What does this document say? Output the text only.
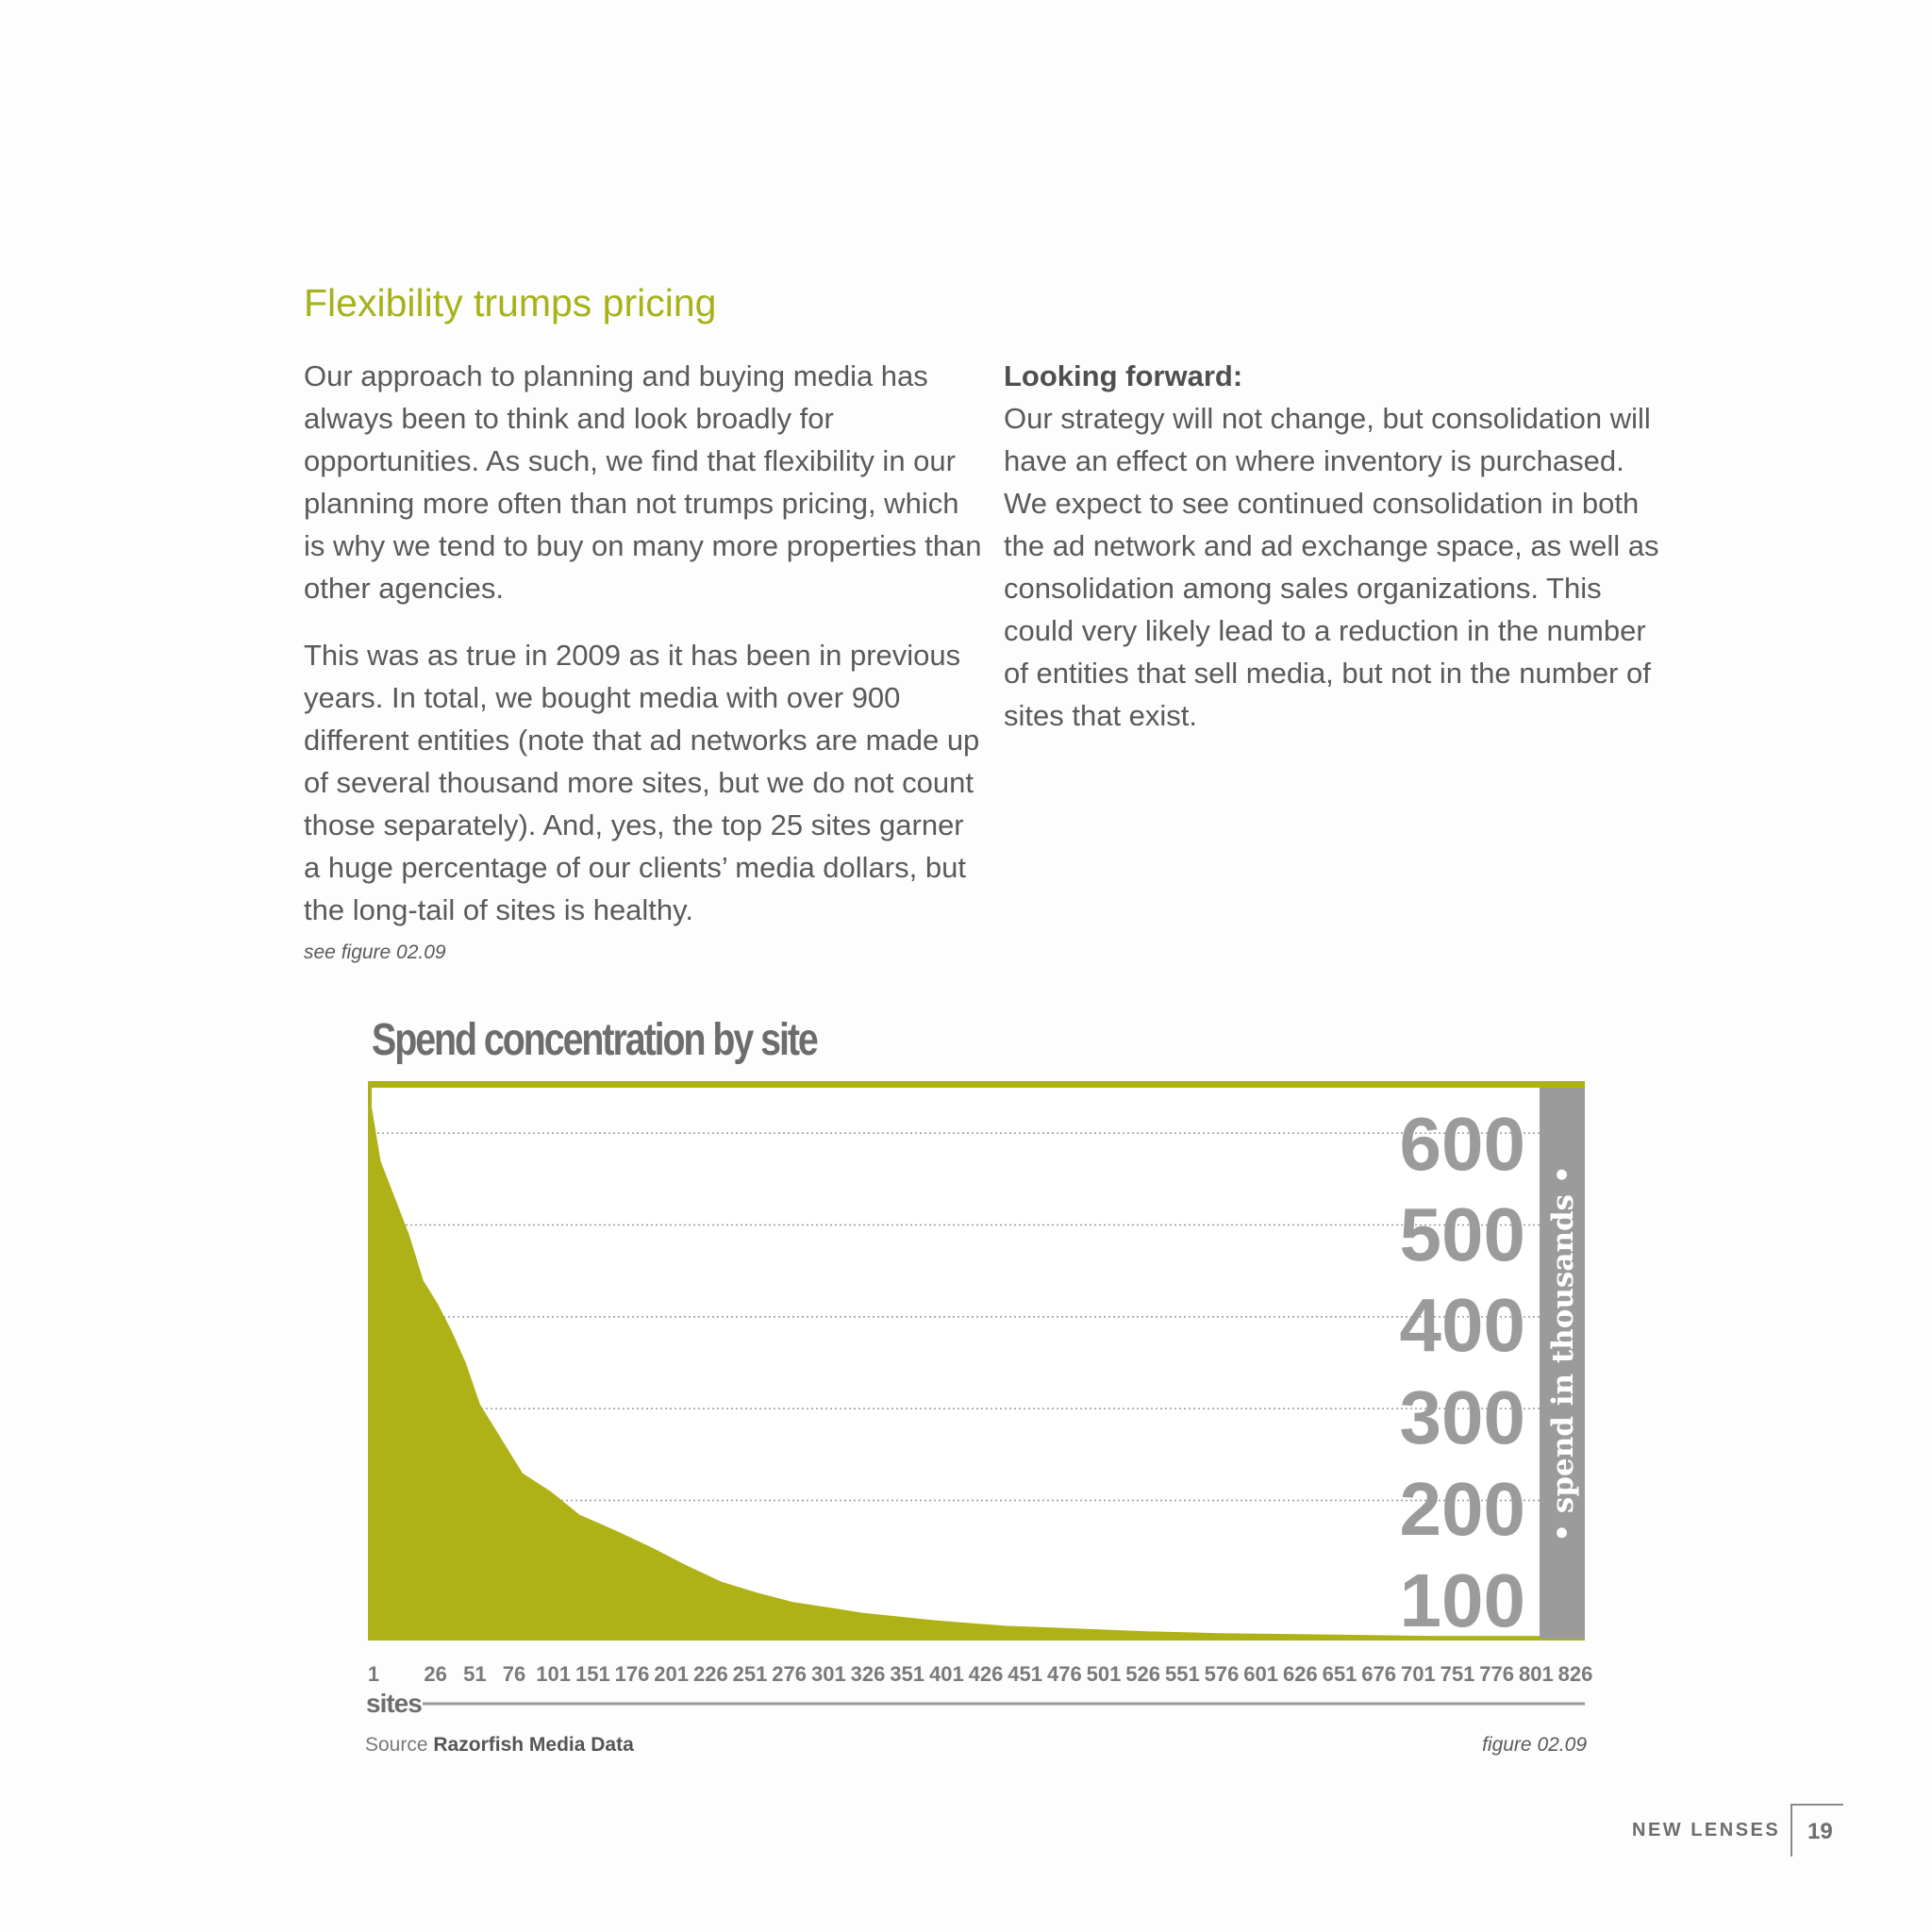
Flexibility trumps pricing

Our approach to planning and buying media has always been to think and look broadly for opportunities. As such, we find that flexibility in our planning more often than not trumps pricing, which is why we tend to buy on many more properties than other agencies.

This was as true in 2009 as it has been in previous years. In total, we bought media with over 900 different entities (note that ad networks are made up of several thousand more sites, but we do not count those separately). And, yes, the top 25 sites garner a huge percentage of our clients’ media dollars, but the long-tail of sites is healthy.

see figure 02.09

Looking forward:

Our strategy will not change, but consolidation will have an effect on where inventory is purchased. We expect to see continued consolidation in both the ad network and ad exchange space, as well as consolidation among sales organizations. This could very likely lead to a reduction in the number of entities that sell media, but not in the number of sites that exist.

Spend concentration by site
• spend in thousands •
100
200
300
400
500
600
1 26 51 76 101 151 176 201 226 251 276 301 326 351 401 426 451 476 501 526 551 576 601 626 651 676 701 751 776 801 826
sites
Source Razorfish Media Data	figure 02.09
NEW LENSES 19
